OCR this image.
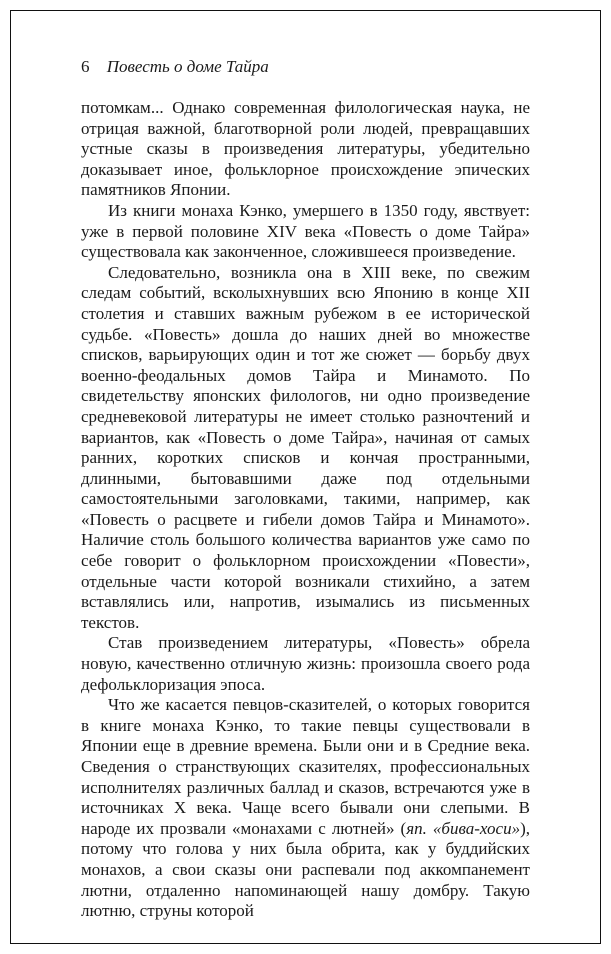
6 Повесть о доме Тайра

потомкам... Однако современная филологическая наука, не отрицая важной, благотворной роли людей, превращавших устные сказы в произведения литературы, убедительно доказывает иное, фольклорное происхождение эпических памятников Японии.

Из книги монаха Кэнко, умершего в 1350 году, явствует: уже в первой половине XIV века «Повесть о доме Тайра» существовала как законченное, сложившееся произведение.

Следовательно, возникла она в XIII веке, по свежим следам событий, всколыхнувших всю Японию в конце XII столетия и ставших важным рубежом в ее исторической судьбе. «Повесть» дошла до наших дней во множестве списков, варьирующих один и тот же сюжет — борьбу двух военно-феодальных домов Тайра и Минамото. По свидетельству японских филологов, ни одно произведение средневековой литературы не имеет столько разночтений и вариантов, как «Повесть о доме Тайра», начиная от самых ранних, коротких списков и кончая пространными, длинными, бытовавшими даже под отдельными самостоятельными заголовками, такими, например, как «Повесть о расцвете и гибели домов Тайра и Минамото». Наличие столь большого количества вариантов уже само по себе говорит о фольклорном происхождении «Повести», отдельные части которой возникали стихийно, а затем вставлялись или, напротив, изымались из письменных текстов.

Став произведением литературы, «Повесть» обрела новую, качественно отличную жизнь: произошла своего рода дефольклоризация эпоса.

Что же касается певцов-сказителей, о которых говорится в книге монаха Кэнко, то такие певцы существовали в Японии еще в древние времена. Были они и в Средние века. Сведения о странствующих сказителях, профессиональных исполнителях различных баллад и сказов, встречаются уже в источниках X века. Чаще всего бывали они слепыми. В народе их прозвали «монахами с лютней» (яп. «бива-хоси»), потому что голова у них была обрита, как у буддийских монахов, а свои сказы они распевали под аккомпанемент лютни, отдаленно напоминающей нашу домбру. Такую лютню, струны которой
